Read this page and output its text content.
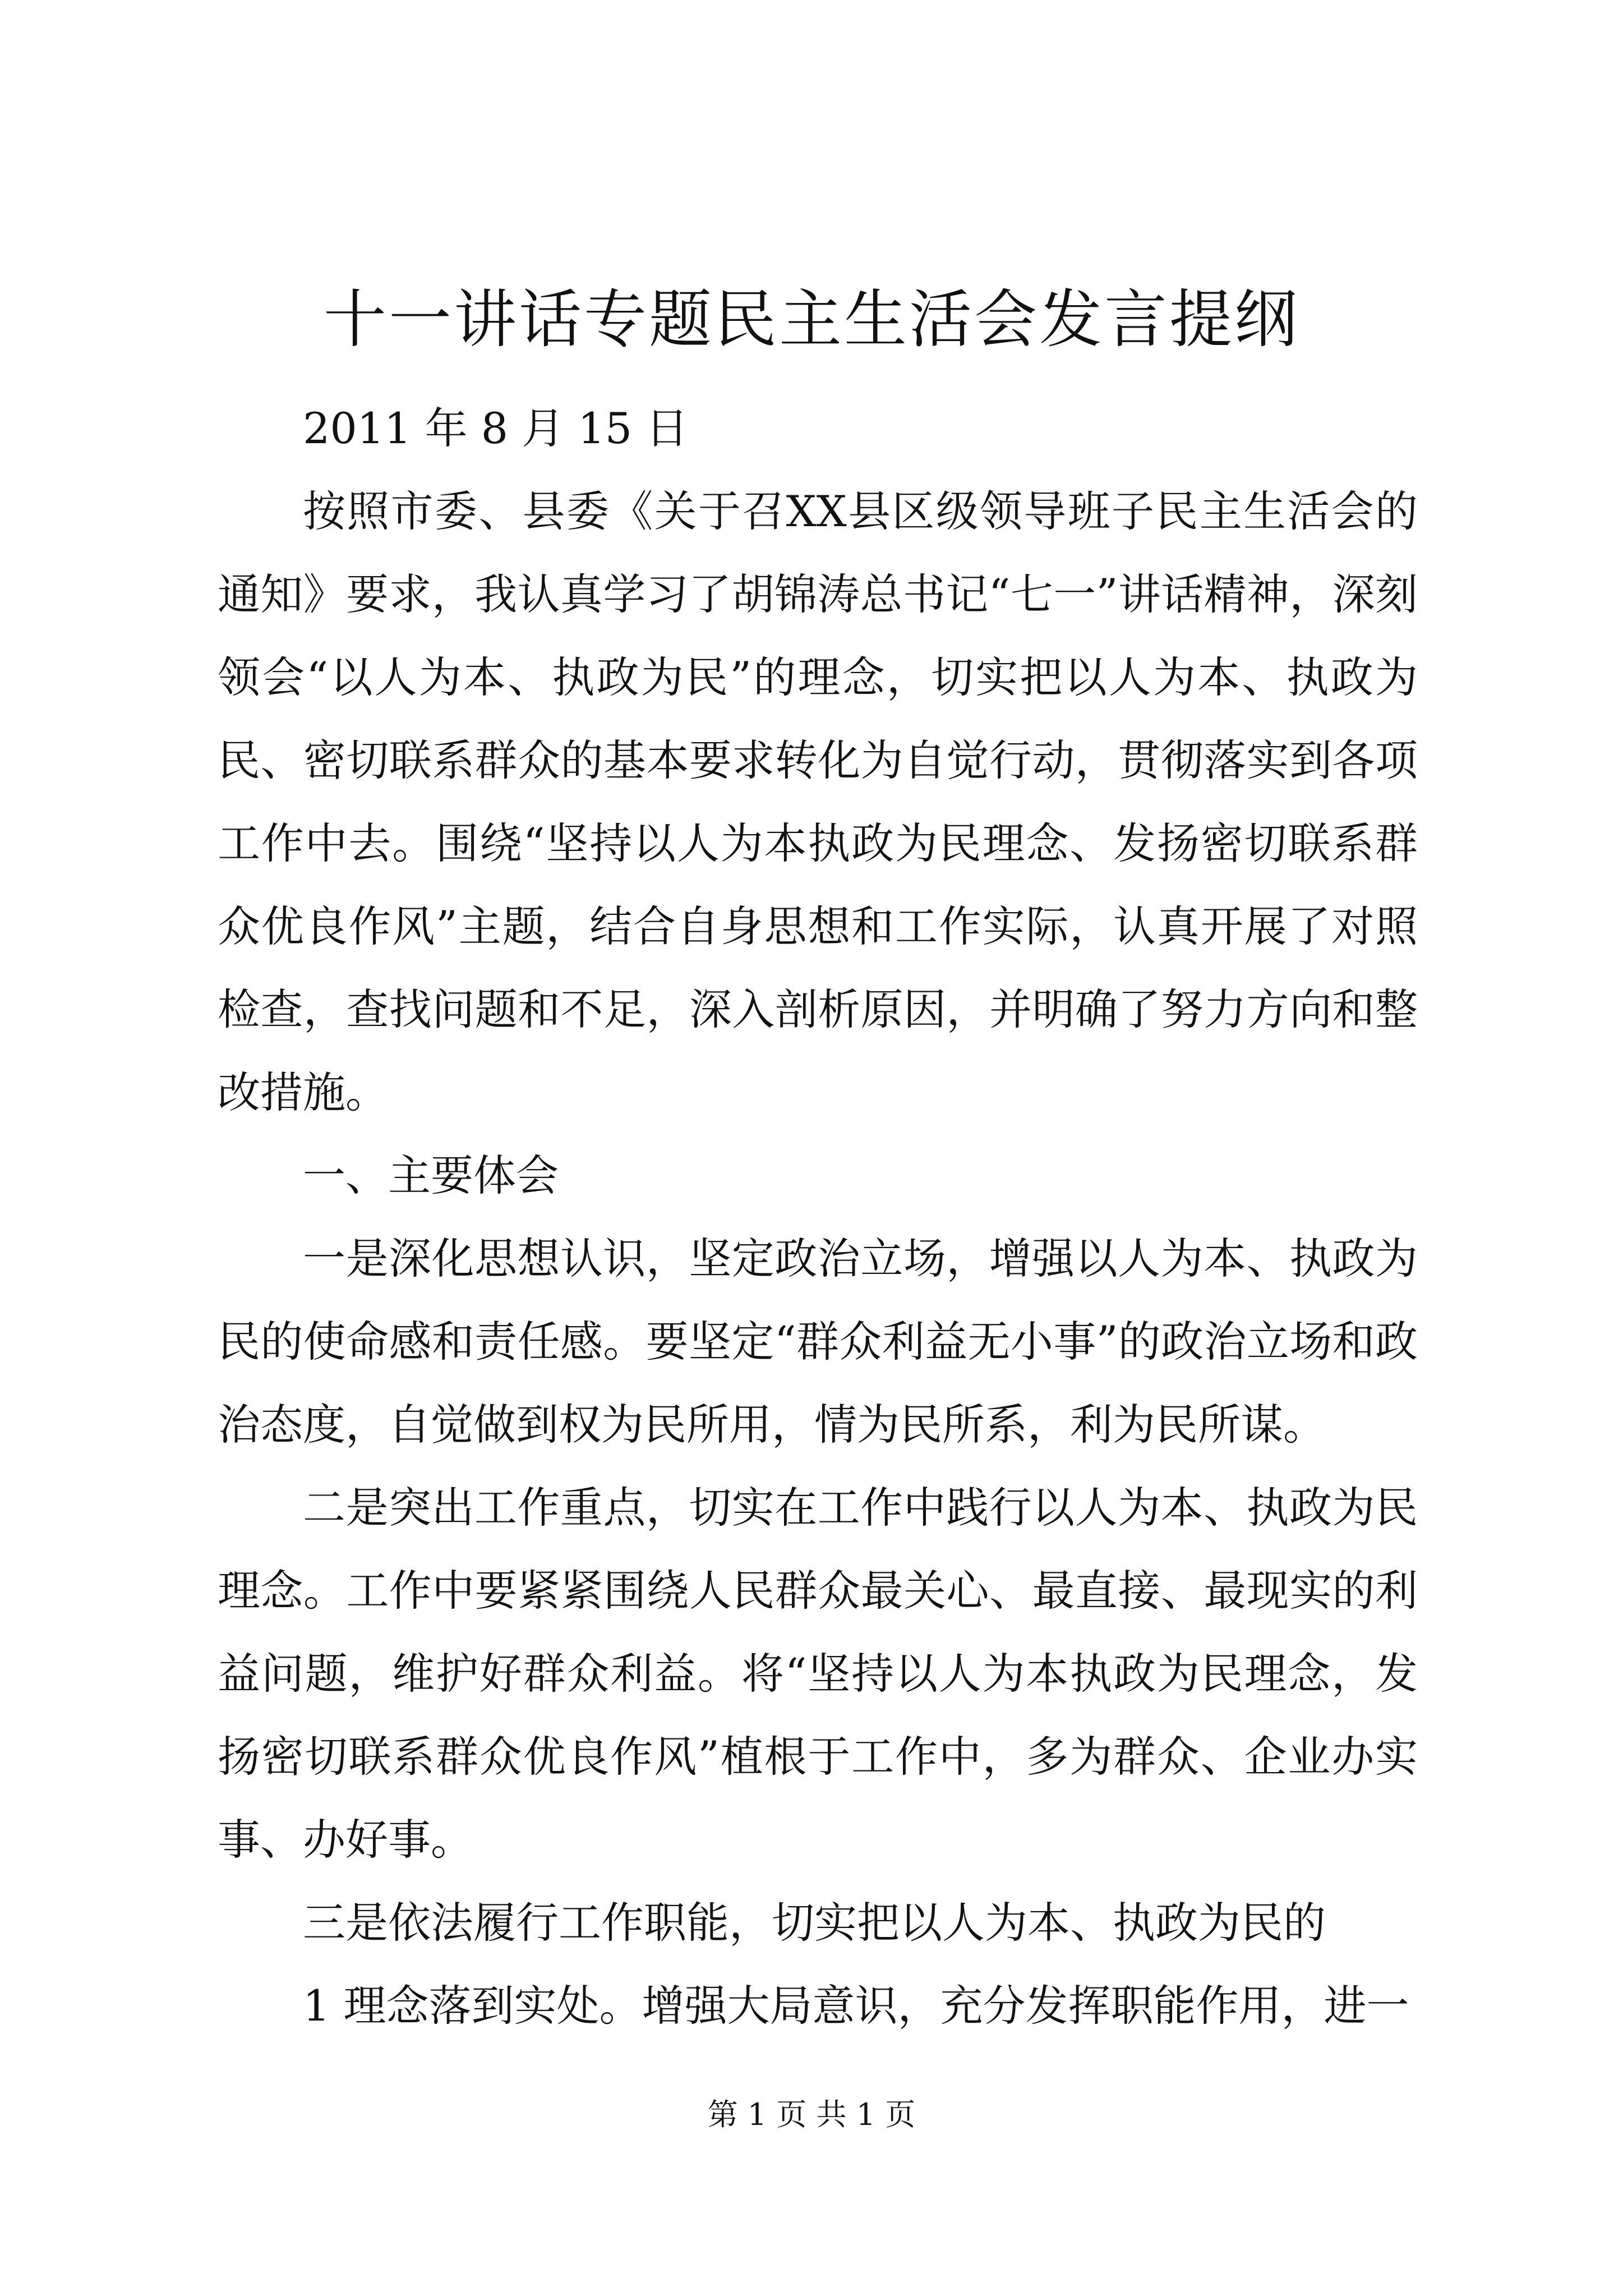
十一讲话专题民主生活会发言提纲

2011 年 8 月 15 日

按照市委、县委《关于召XX县区级领导班子民主生活会的通知》要求，我认真学习了胡锦涛总书记“七一”讲话精神，深刻领会“以人为本、执政为民”的理念，切实把以人为本、执政为民、密切联系群众的基本要求转化为自觉行动，贯彻落实到各项工作中去。围绕“坚持以人为本执政为民理念、发扬密切联系群众优良作风”主题，结合自身思想和工作实际，认真开展了对照检查，查找问题和不足，深入剖析原因，并明确了努力方向和整改措施。

一、主要体会

一是深化思想认识，坚定政治立场，增强以人为本、执政为民的使命感和责任感。要坚定“群众利益无小事”的政治立场和政治态度，自觉做到权为民所用，情为民所系，利为民所谋。

二是突出工作重点，切实在工作中践行以人为本、执政为民理念。工作中要紧紧围绕人民群众最关心、最直接、最现实的利益问题，维护好群众利益。将“坚持以人为本执政为民理念，发扬密切联系群众优良作风”植根于工作中，多为群众、企业办实事、办好事。

三是依法履行工作职能，切实把以人为本、执政为民的

1 理念落到实处。增强大局意识，充分发挥职能作用，进一

第 1 页 共 1 页
